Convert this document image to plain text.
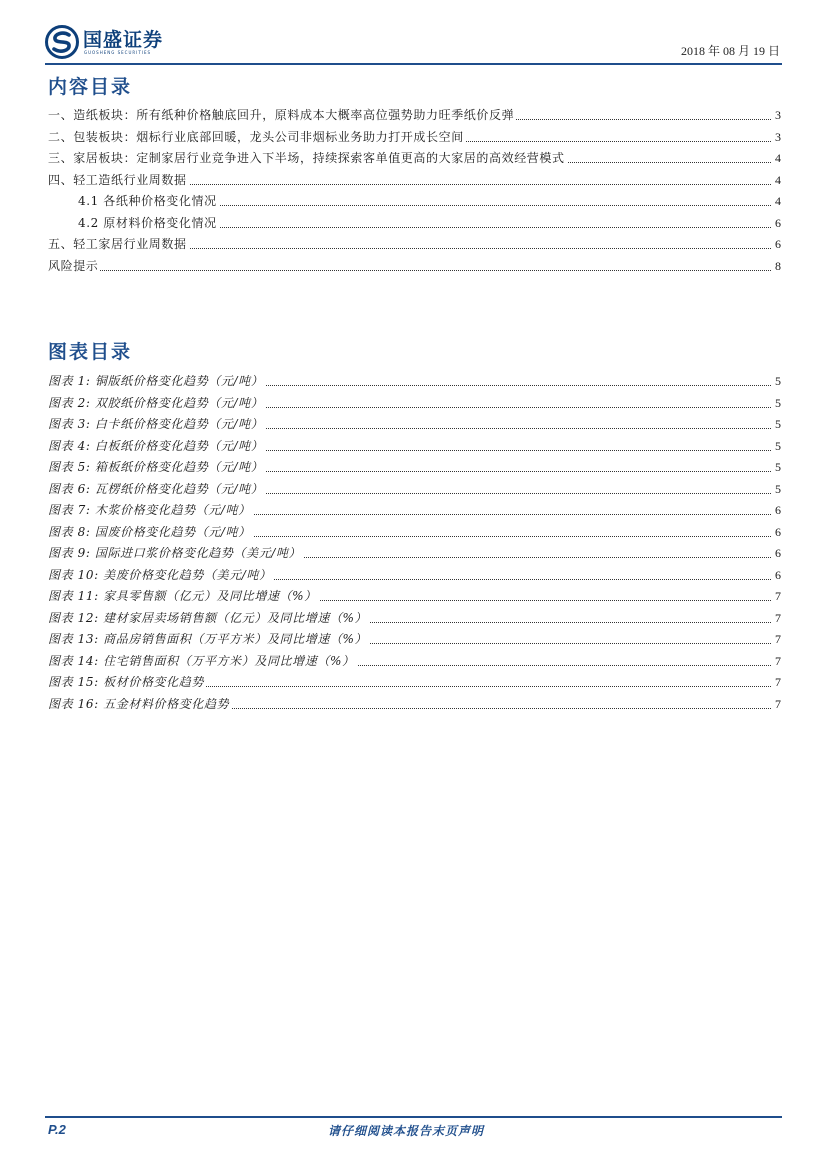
国盛证券
GUOSHENG SECURITIES	2018 年 08 月 19 日
内容目录
一、造纸板块：所有纸种价格触底回升，原料成本大概率高位强势助力旺季纸价反弹	3
二、包装板块：烟标行业底部回暖，龙头公司非烟标业务助力打开成长空间	3
三、家居板块：定制家居行业竞争进入下半场，持续探索客单值更高的大家居的高效经营模式	4
四、轻工造纸行业周数据	4
4.1 各纸种价格变化情况	4
4.2 原材料价格变化情况	6
五、轻工家居行业周数据	6
风险提示	8
图表目录
图表 1: 铜版纸价格变化趋势（元/吨）	5
图表 2: 双胶纸价格变化趋势（元/吨）	5
图表 3: 白卡纸价格变化趋势（元/吨）	5
图表 4: 白板纸价格变化趋势（元/吨）	5
图表 5: 箱板纸价格变化趋势（元/吨）	5
图表 6: 瓦楞纸价格变化趋势（元/吨）	5
图表 7: 木浆价格变化趋势（元/吨）	6
图表 8: 国废价格变化趋势（元/吨）	6
图表 9: 国际进口浆价格变化趋势（美元/吨）	6
图表 10: 美废价格变化趋势（美元/吨）	6
图表 11: 家具零售额（亿元）及同比增速（%）	7
图表 12: 建材家居卖场销售额（亿元）及同比增速（%）	7
图表 13: 商品房销售面积（万平方米）及同比增速（%）	7
图表 14: 住宅销售面积（万平方米）及同比增速（%）	7
图表 15: 板材价格变化趋势	7
图表 16: 五金材料价格变化趋势	7
P.2	请仔细阅读本报告末页声明
